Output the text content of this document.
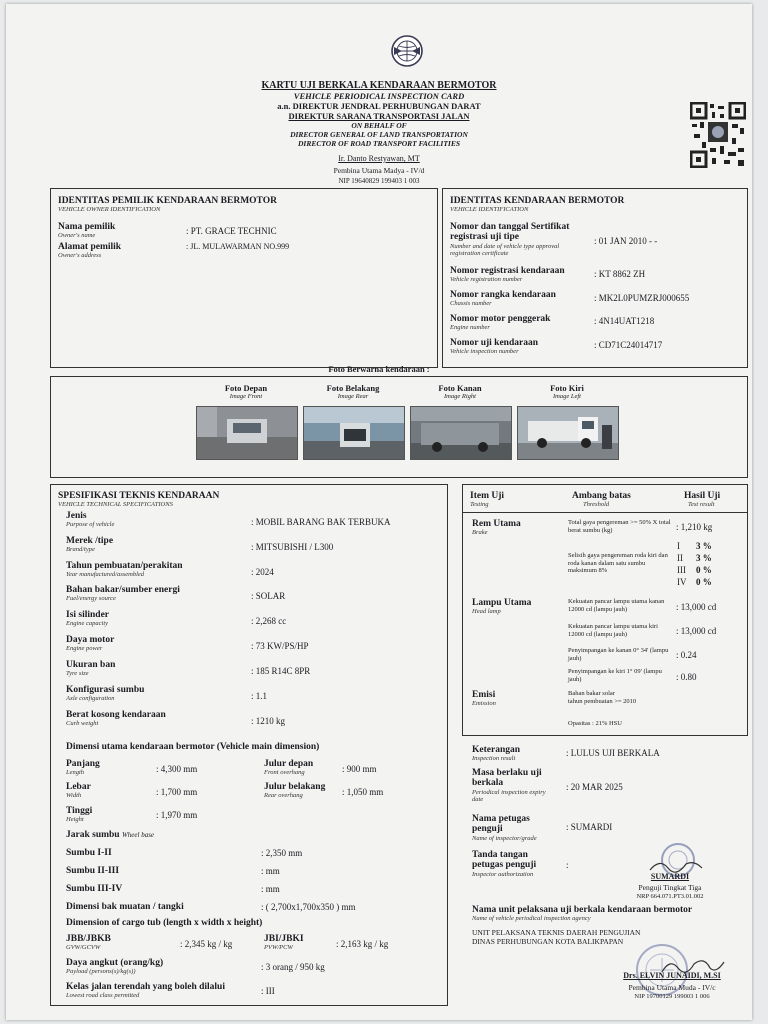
KARTU UJI BERKALA KENDARAAN BERMOTOR
VEHICLE PERIODICAL INSPECTION CARD
a.n. DIREKTUR JENDRAL PERHUBUNGAN DARAT
DIREKTUR SARANA TRANSPORTASI JALAN
ON BEHALF OF
DIRECTOR GENERAL OF LAND TRANSPORTATION
DIRECTOR OF ROAD TRANSPORT FACILITIES
Ir. Danto Restyawan, MT
Pembina Utama Madya - IV/d
NIP 19640829 199403 1 003
IDENTITAS PEMILIK KENDARAAN BERMOTOR
VEHICLE OWNER IDENTIFICATION
Nama pemilik
Owner's name	: PT. GRACE TECHNIC
Alamat pemilik
Owner's address
: JL. MULAWARMAN NO.999
IDENTITAS KENDARAAN BERMOTOR
VEHICLE IDENTIFICATION
Nomor dan tanggal Sertifikat
registrasi uji tipe
Number and date of vehicle type approval
registration certificate
: 01 JAN 2010 - -
Nomor registrasi kendaraan
Vehicle registration number
: KT 8862 ZH
Nomor rangka kendaraan
Chassis number
: MK2L0PUMZRJ000655
Nomor motor penggerak
Engine number
: 4N14UAT1218
Nomor uji kendaraan
Vehicle inspection number
: CD71C24014717
Foto Berwarna kendaraan :
Foto Depan
Image Front
Foto Belakang
Image Rear
Foto Kanan
Image Right
Foto Kiri
Image Left
SPESIFIKASI TEKNIS KENDARAAN
VEHICLE TECHNICAL SPECIFICATIONS
Jenis
Purpose of vehicle	: MOBIL BARANG BAK TERBUKA
Merek /tipe
Brand/type	: MITSUBISHI / L300
Tahun pembuatan/perakitan
Year manufactured/assembled	: 2024
Bahan bakar/sumber energi
Fuel/energy source	: SOLAR
Isi silinder
Engine capacity	: 2,268 cc
Daya motor
Engine power	: 73 KW/PS/HP
Ukuran ban
Tyre size	: 185 R14C 8PR
Konfigurasi sumbu
Axle configuration	: 1.1
Berat kosong kendaraan
Curb weight	: 1210 kg
Dimensi utama kendaraan bermotor (Vehicle main dimension)
Panjang
Length	: 4,300 mm	Julur depan
Front overhang	: 900 mm
Lebar
Width	: 1,700 mm	Julur belakang
Rear overhang	: 1,050 mm
Tinggi
Height	: 1,970 mm
Jarak sumbu Wheel base
Sumbu I-II	: 2,350 mm
Sumbu II-III	: mm
Sumbu III-IV	: mm
Dimensi bak muatan / tangki	: ( 2,700x1,700x350 ) mm
Dimension of cargo tub (length x width x height)
JBB/JBKB
GVW/GCVW	: 2,345 kg / kg	JBI/JBKI
PVW/PCW	: 2,163 kg / kg
Daya angkut (orang/kg)
Payload (persons(s)/kg(s))	: 3 orang / 950 kg
Kelas jalan terendah yang boleh dilalui
Lowest road class permitted	: III
Item Uji
Testing
Ambang batas
Threshold
Hasil Uji
Test result
Rem Utama
Brake
Total gaya pengereman >= 50% X total berat sumbu (kg)	: 1,210 kg
Selisih gaya pengereman roda kiri dan roda kanan dalam satu sumbu maksimum 8%
I	3 %
II	3 %
III	0 %
IV	0 %
Lampu Utama
Head lamp
Kekuatan pancar lampu utama kanan 12000 cd (lampu jauh)	: 13,000 cd
Kekuatan pancar lampu utama kiri 12000 cd (lampu jauh)	: 13,000 cd
Penyimpangan ke kanan 0° 34' (lampu jauh)	: 0.24
Penyimpangan ke kiri 1° 09' (lampu jauh)	: 0.80
Emisi
Emission
Bahan bakar solar
tahun pembuatan >= 2010
Opasitas : 21% HSU
Keterangan
Inspection result
: LULUS UJI BERKALA
Masa berlaku uji
berkala
Periodical inspection expiry
date
: 20 MAR 2025
Nama petugas
penguji
Name of inspector/grade
: SUMARDI
Tanda tangan
petugas penguji
Inspector authorization
:
SUMARDI
Penguji Tingkat Tiga
NRP 664.071.PT3.01.002
Nama unit pelaksana uji berkala kendaraan bermotor
Name of vehicle periodical inspection agency
UNIT PELAKSANA TEKNIS DAERAH PENGUJIAN
DINAS PERHUBUNGAN KOTA BALIKPAPAN
Drs. ELVIN JUNAIDI, M.SI
Pembina Utama Muda - IV/c
NIP 19700129 199003 1 006
